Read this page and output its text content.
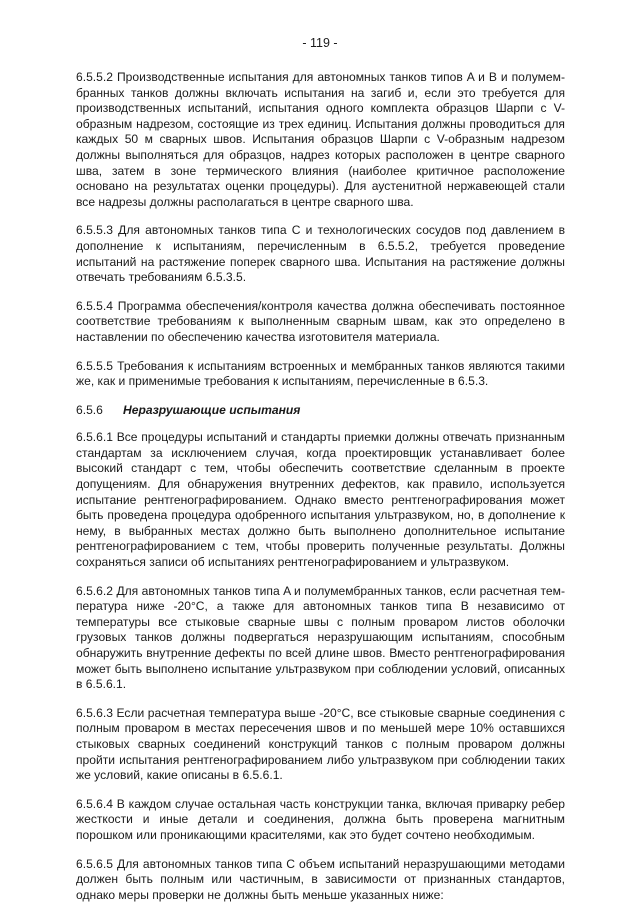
- 119 -

6.5.5.2 Производственные испытания для автономных танков типов A и B и полумембранных танков должны включать испытания на загиб и, если это требуется для производственных испытаний, испытания одного комплекта образцов Шарпи с V-образным надрезом, состоящие из трех единиц. Испытания должны проводиться для каждых 50 м сварных швов. Испытания образцов Шарпи с V-образным надрезом должны выполняться для образцов, надрез которых расположен в центре сварного шва, затем в зоне термического влияния (наиболее критичное расположение основано на результатах оценки процедуры). Для аустенитной нержавеющей стали все надрезы должны располагаться в центре сварного шва.

6.5.5.3 Для автономных танков типа С и технологических сосудов под давлением в дополнение к испытаниям, перечисленным в 6.5.5.2, требуется проведение испытаний на растяжение поперек сварного шва. Испытания на растяжение должны отвечать требованиям 6.5.3.5.

6.5.5.4 Программа обеспечения/контроля качества должна обеспечивать постоянное соответствие требованиям к выполненным сварным швам, как это определено в наставлении по обеспечению качества изготовителя материала.

6.5.5.5 Требования к испытаниям встроенных и мембранных танков являются такими же, как и применимые требования к испытаниям, перечисленные в 6.5.3.

6.5.6	Неразрушающие испытания

6.5.6.1 Все процедуры испытаний и стандарты приемки должны отвечать признанным стандартам за исключением случая, когда проектировщик устанавливает более высокий стандарт с тем, чтобы обеспечить соответствие сделанным в проекте допущениям. Для обнаружения внутренних дефектов, как правило, используется испытание рентгенографированием. Однако вместо рентгенографирования может быть проведена процедура одобренного испытания ультразвуком, но, в дополнение к нему, в выбранных местах должно быть выполнено дополнительное испытание рентгенографированием с тем, чтобы проверить полученные результаты. Должны сохраняться записи об испытаниях рентгенографированием и ультразвуком.

6.5.6.2 Для автономных танков типа A и полумембранных танков, если расчетная температура ниже -20°C, а также для автономных танков типа B независимо от температуры все стыковые сварные швы с полным проваром листов оболочки грузовых танков должны подвергаться неразрушающим испытаниям, способным обнаружить внутренние дефекты по всей длине швов. Вместо рентгенографирования может быть выполнено испытание ультразвуком при соблюдении условий, описанных в 6.5.6.1.

6.5.6.3 Если расчетная температура выше -20°C, все стыковые сварные соединения с полным проваром в местах пересечения швов и по меньшей мере 10% оставшихся стыковых сварных соединений конструкций танков с полным проваром должны пройти испытания рентгенографированием либо ультразвуком при соблюдении таких же условий, какие описаны в 6.5.6.1.

6.5.6.4 В каждом случае остальная часть конструкции танка, включая приварку ребер жесткости и иные детали и соединения, должна быть проверена магнитным порошком или проникающими красителями, как это будет сочтено необходимым.

6.5.6.5 Для автономных танков типа С объем испытаний неразрушающими методами должен быть полным или частичным, в зависимости от признанных стандартов, однако меры проверки не должны быть меньше указанных ниже:
